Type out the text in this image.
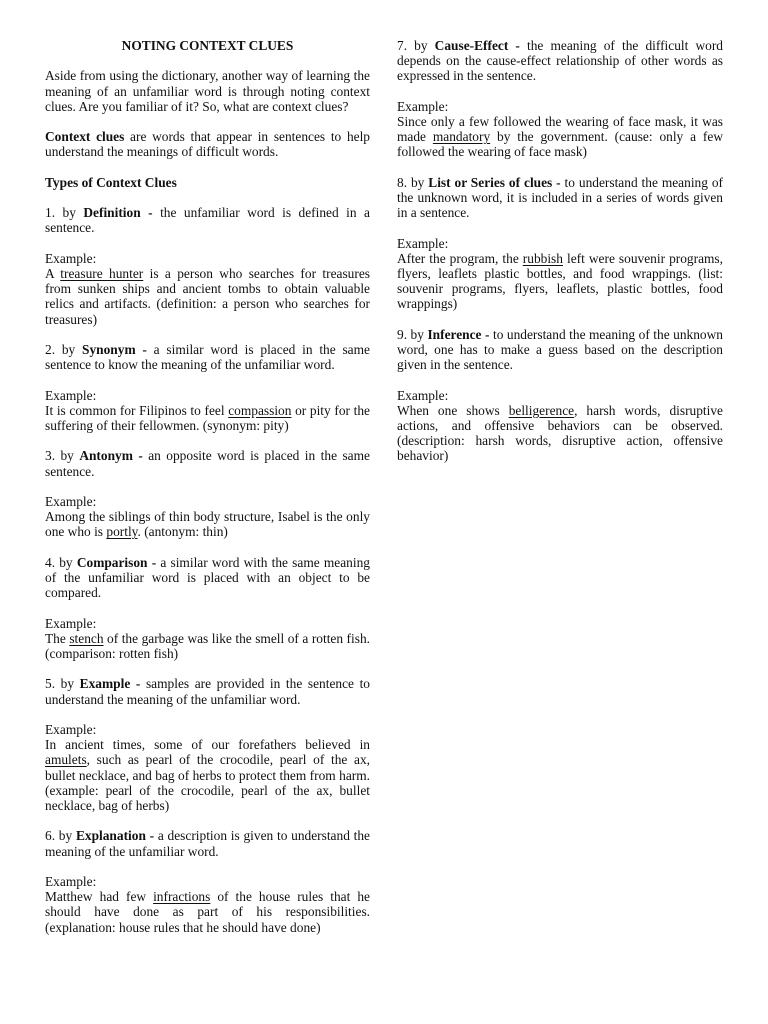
NOTING CONTEXT CLUES

Aside from using the dictionary, another way of learning the meaning of an unfamiliar word is through noting context clues. Are you familiar of it? So, what are context clues?

Context clues are words that appear in sentences to help understand the meanings of difficult words.

Types of Context Clues

1. by Definition - the unfamiliar word is defined in a sentence.

Example:

A treasure hunter is a person who searches for treasures from sunken ships and ancient tombs to obtain valuable relics and artifacts. (definition: a person who searches for treasures)

2. by Synonym - a similar word is placed in the same sentence to know the meaning of the unfamiliar word.

Example:

It is common for Filipinos to feel compassion or pity for the suffering of their fellowmen. (synonym: pity)

3. by Antonym - an opposite word is placed in the same sentence.

Example:

Among the siblings of thin body structure, Isabel is the only one who is portly. (antonym: thin)

4. by Comparison - a similar word with the same meaning of the unfamiliar word is placed with an object to be compared.

Example:

The stench of the garbage was like the smell of a rotten fish. (comparison: rotten fish)

5. by Example - samples are provided in the sentence to understand the meaning of the unfamiliar word.

Example:

In ancient times, some of our forefathers believed in amulets, such as pearl of the crocodile, pearl of the ax, bullet necklace, and bag of herbs to protect them from harm. (example: pearl of the crocodile, pearl of the ax, bullet necklace, bag of herbs)

6. by Explanation - a description is given to understand the meaning of the unfamiliar word.

Example:

Matthew had few infractions of the house rules that he should have done as part of his responsibilities. (explanation: house rules that he should have done)

7. by Cause-Effect - the meaning of the difficult word depends on the cause-effect relationship of other words as expressed in the sentence.

Example:

Since only a few followed the wearing of face mask, it was made mandatory by the government. (cause: only a few followed the wearing of face mask)

8. by List or Series of clues - to understand the meaning of the unknown word, it is included in a series of words given in a sentence.

Example:

After the program, the rubbish left were souvenir programs, flyers, leaflets plastic bottles, and food wrappings. (list: souvenir programs, flyers, leaflets, plastic bottles, food wrappings)

9. by Inference - to understand the meaning of the unknown word, one has to make a guess based on the description given in the sentence.

Example:

When one shows belligerence, harsh words, disruptive actions, and offensive behaviors can be observed. (description: harsh words, disruptive action, offensive behavior)
